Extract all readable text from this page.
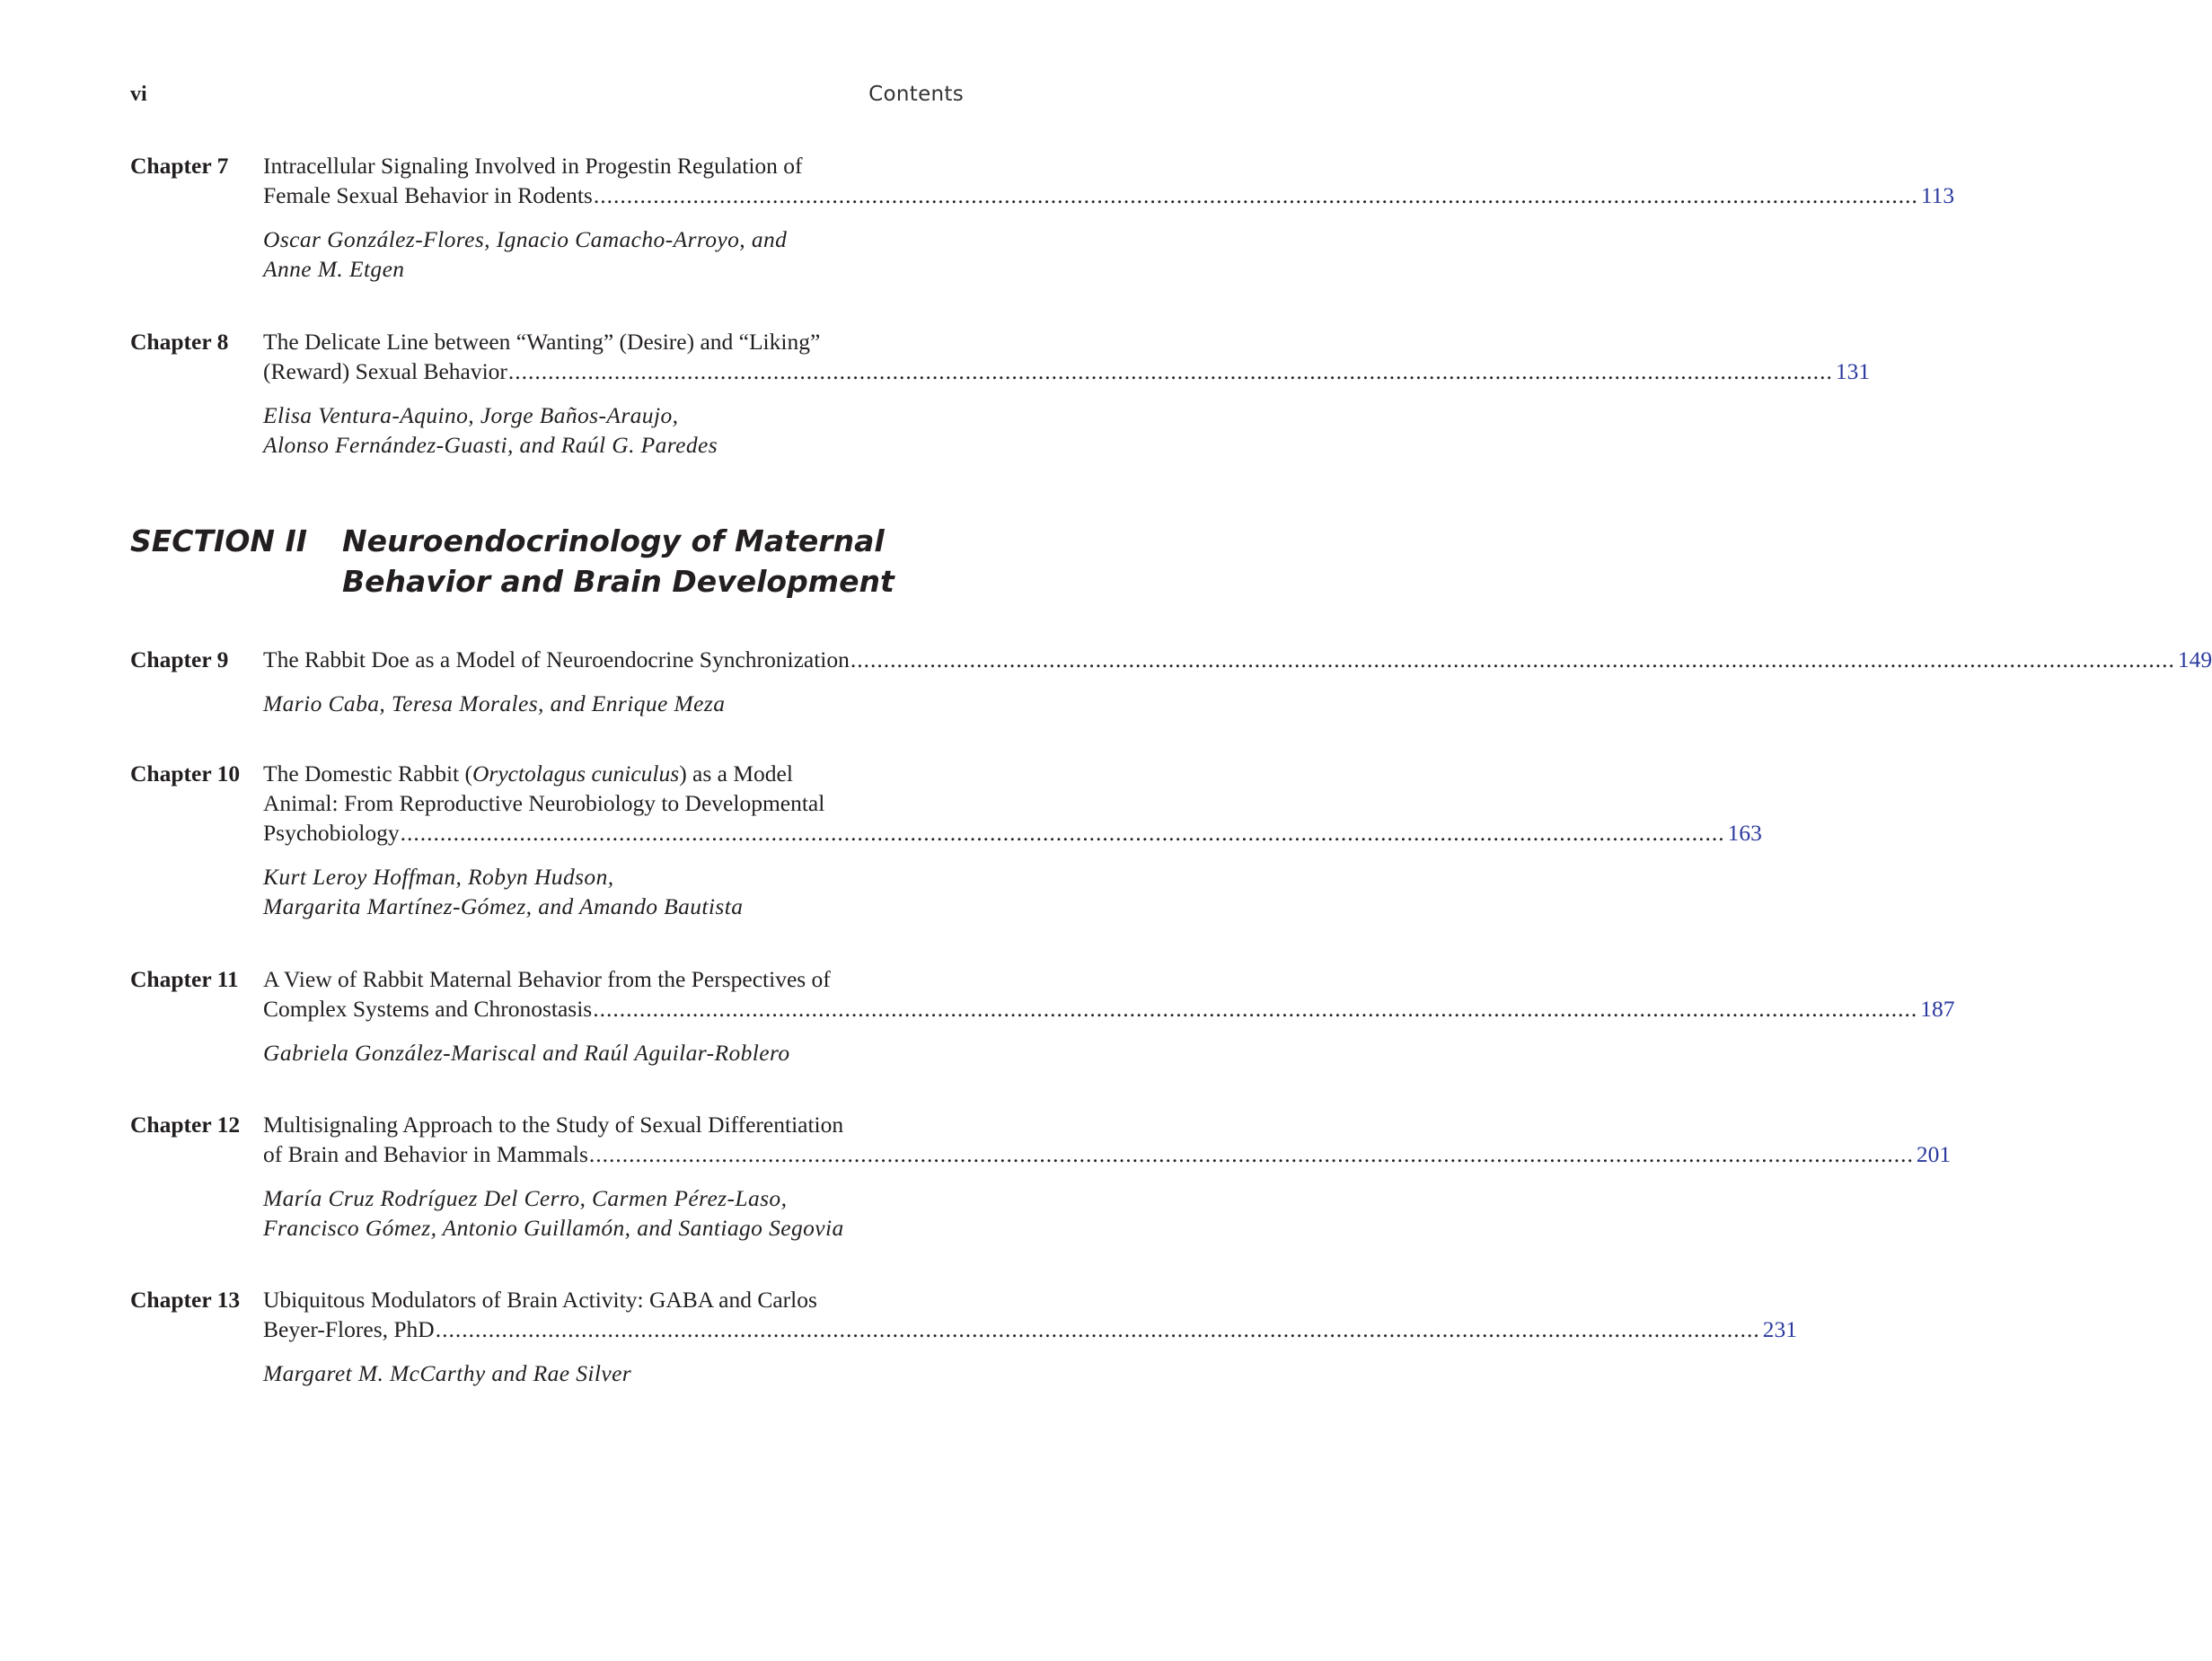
vi	Contents
Chapter 7 Intracellular Signaling Involved in Progestin Regulation of
Female Sexual Behavior in Rodents ........................................................................................................................................................................................................ 113
Oscar González-Flores, Ignacio Camacho-Arroyo, and
Anne M. Etgen
Chapter 8 The Delicate Line between “Wanting” (Desire) and “Liking”
(Reward) Sexual Behavior ........................................................................................................................................................................................................ 131
Elisa Ventura-Aquino, Jorge Baños-Araujo,
Alonso Fernández-Guasti, and Raúl G. Paredes
SECTION II Neuroendocrinology of Maternal
Behavior and Brain Development
Chapter 9 The Rabbit Doe as a Model of Neuroendocrine Synchronization ........................................................................................................................................................................................................ 149
Mario Caba, Teresa Morales, and Enrique Meza
Chapter 10 The Domestic Rabbit (Oryctolagus cuniculus) as a Model
Animal: From Reproductive Neurobiology to Developmental
Psychobiology ........................................................................................................................................................................................................ 163
Kurt Leroy Hoffman, Robyn Hudson,
Margarita Martínez-Gómez, and Amando Bautista
Chapter 11 A View of Rabbit Maternal Behavior from the Perspectives of
Complex Systems and Chronostasis ........................................................................................................................................................................................................ 187
Gabriela González-Mariscal and Raúl Aguilar-Roblero
Chapter 12 Multisignaling Approach to the Study of Sexual Differentiation
of Brain and Behavior in Mammals ........................................................................................................................................................................................................ 201
María Cruz Rodríguez Del Cerro, Carmen Pérez-Laso,
Francisco Gómez, Antonio Guillamón, and Santiago Segovia
Chapter 13 Ubiquitous Modulators of Brain Activity: GABA and Carlos
Beyer-Flores, PhD ........................................................................................................................................................................................................ 231
Margaret M. McCarthy and Rae Silver
